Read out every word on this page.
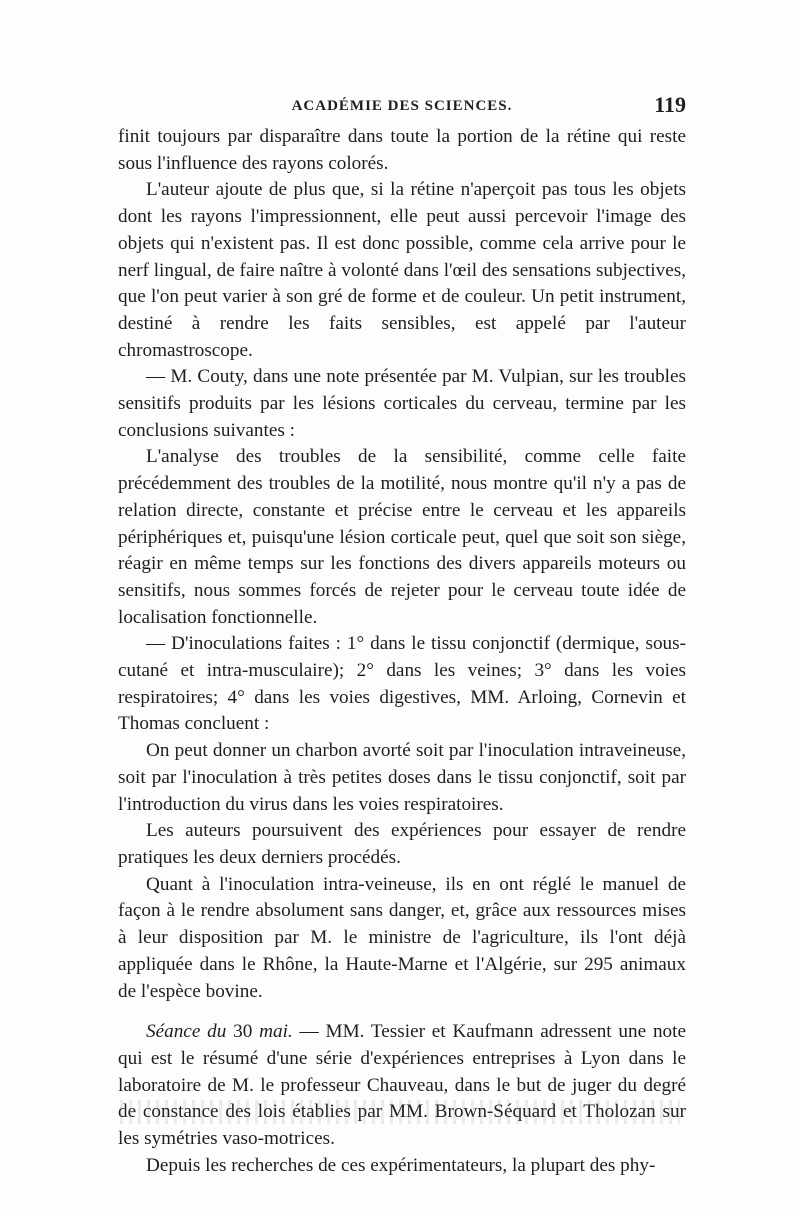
ACADÉMIE DES SCIENCES.	119

finit toujours par disparaître dans toute la portion de la rétine qui reste sous l'influence des rayons colorés.

L'auteur ajoute de plus que, si la rétine n'aperçoit pas tous les objets dont les rayons l'impressionnent, elle peut aussi percevoir l'image des objets qui n'existent pas. Il est donc possible, comme cela arrive pour le nerf lingual, de faire naître à volonté dans l'œil des sensations subjectives, que l'on peut varier à son gré de forme et de couleur. Un petit instrument, destiné à rendre les faits sensibles, est appelé par l'auteur chromastroscope.

— M. Couty, dans une note présentée par M. Vulpian, sur les troubles sensitifs produits par les lésions corticales du cerveau, termine par les conclusions suivantes :

L'analyse des troubles de la sensibilité, comme celle faite précédemment des troubles de la motilité, nous montre qu'il n'y a pas de relation directe, constante et précise entre le cerveau et les appareils périphériques et, puisqu'une lésion corticale peut, quel que soit son siège, réagir en même temps sur les fonctions des divers appareils moteurs ou sensitifs, nous sommes forcés de rejeter pour le cerveau toute idée de localisation fonctionnelle.

— D'inoculations faites : 1° dans le tissu conjonctif (dermique, sous-cutané et intra-musculaire); 2° dans les veines; 3° dans les voies respiratoires; 4° dans les voies digestives, MM. Arloing, Cornevin et Thomas concluent :

On peut donner un charbon avorté soit par l'inoculation intraveineuse, soit par l'inoculation à très petites doses dans le tissu conjonctif, soit par l'introduction du virus dans les voies respiratoires.

Les auteurs poursuivent des expériences pour essayer de rendre pratiques les deux derniers procédés.

Quant à l'inoculation intra-veineuse, ils en ont réglé le manuel de façon à le rendre absolument sans danger, et, grâce aux ressources mises à leur disposition par M. le ministre de l'agriculture, ils l'ont déjà appliquée dans le Rhône, la Haute-Marne et l'Algérie, sur 295 animaux de l'espèce bovine.

Séance du 30 mai. — MM. Tessier et Kaufmann adressent une note qui est le résumé d'une série d'expériences entreprises à Lyon dans le laboratoire de M. le professeur Chauveau, dans le but de juger du degré de constance des lois établies par MM. Brown-Séquard et Tholozan sur les symétries vaso-motrices.

Depuis les recherches de ces expérimentateurs, la plupart des phy-
